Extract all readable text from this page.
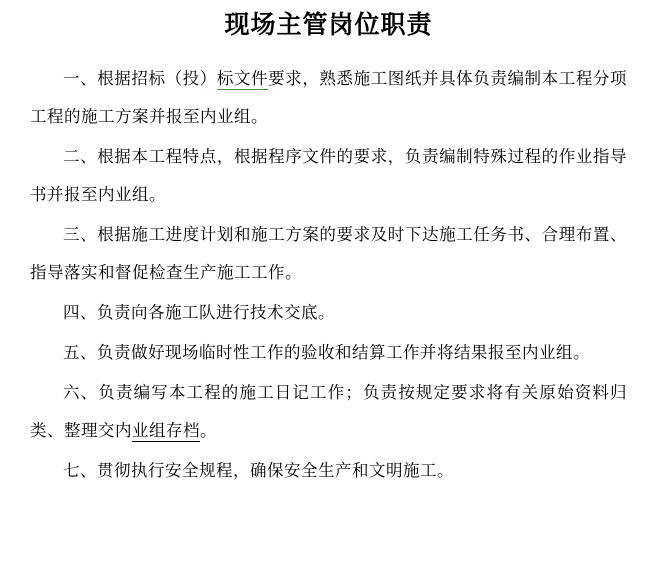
现场主管岗位职责
一、根据招标（投）标文件要求，熟悉施工图纸并具体负责编制本工程分项工程的施工方案并报至内业组。
二、根据本工程特点，根据程序文件的要求，负责编制特殊过程的作业指导书并报至内业组。
三、根据施工进度计划和施工方案的要求及时下达施工任务书、合理布置、指导落实和督促检查生产施工工作。
四、负责向各施工队进行技术交底。
五、负责做好现场临时性工作的验收和结算工作并将结果报至内业组。
六、负责编写本工程的施工日记工作；负责按规定要求将有关原始资料归类、整理交内业组存档。
七、贯彻执行安全规程，确保安全生产和文明施工。
